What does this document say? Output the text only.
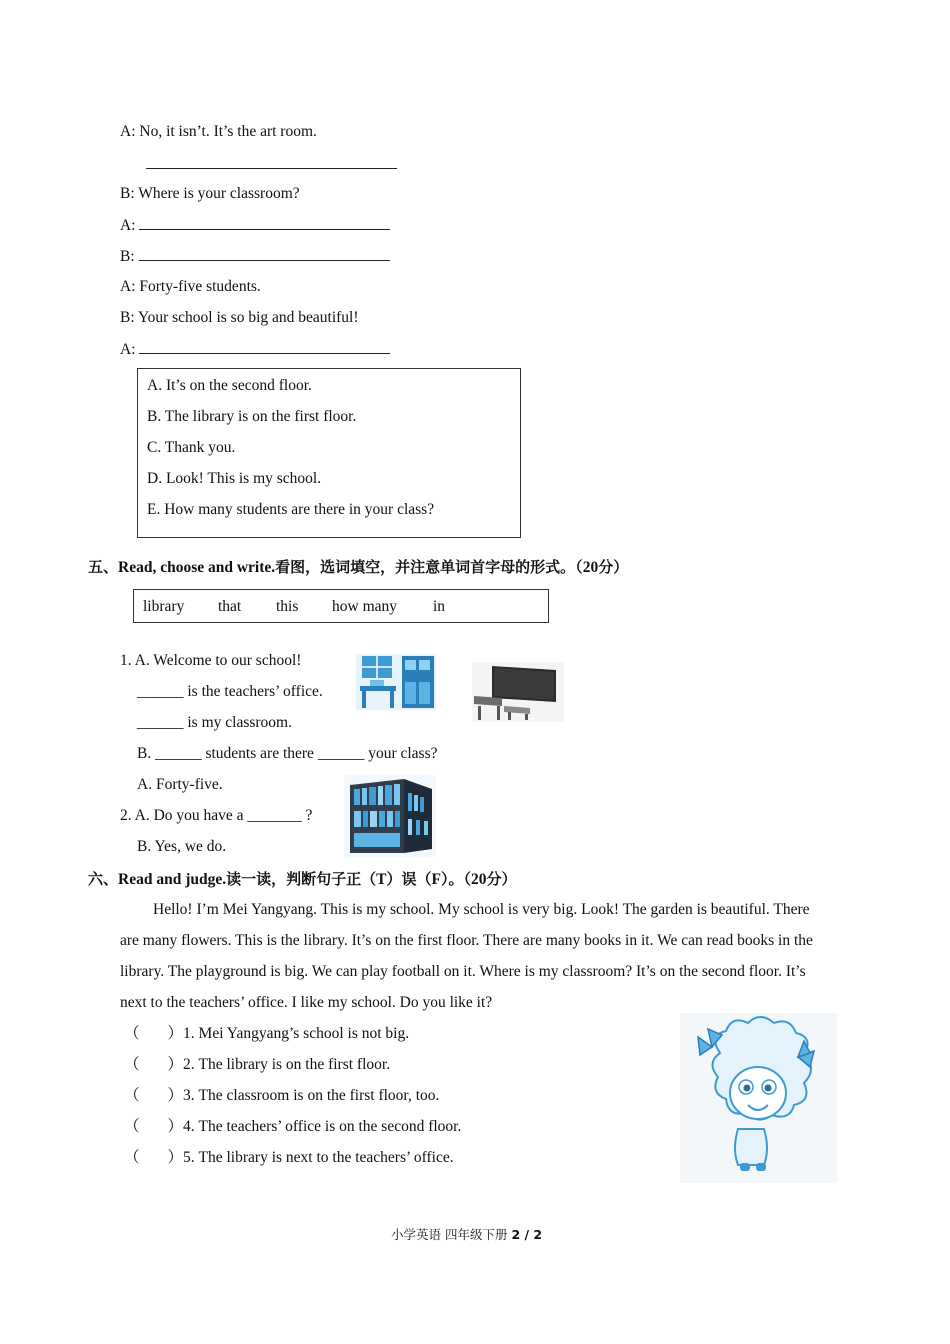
A: No, it isn’t. It’s the art room.
B: Where is your classroom?
A:
B:
A: Forty-five students.
B: Your school is so big and beautiful!
A:
A. It’s on the second floor.
B. The library is on the first floor.
C. Thank you.
D. Look! This is my school.
E. How many students are there in your class?
五、Read, choose and write.看图，选词填空，并注意单词首字母的形式。（20分）
library that this how many in
1. A. Welcome to our school!
______ is the teachers’ office.
______ is my classroom.
B. ______ students are there ______ your class?
A. Forty-five.
2. A. Do you have a _______ ?
B. Yes, we do.
六、Read and judge.读一读，判断句子正（T）误（F）。（20分）
Hello! I’m Mei Yangyang. This is my school. My school is very big. Look! The garden is beautiful. There
are many flowers. This is the library. It’s on the first floor. There are many books in it. We can read books in the
library. The playground is big. We can play football on it. Where is my classroom? It’s on the second floor. It’s
next to the teachers’ office. I like my school. Do you like it?
（ ）1. Mei Yangyang’s school is not big.
（ ）2. The library is on the first floor.
（ ）3. The classroom is on the first floor, too.
（ ）4. The teachers’ office is on the second floor.
（ ）5. The library is next to the teachers’ office.
小学英语 四年级下册 2 / 2
